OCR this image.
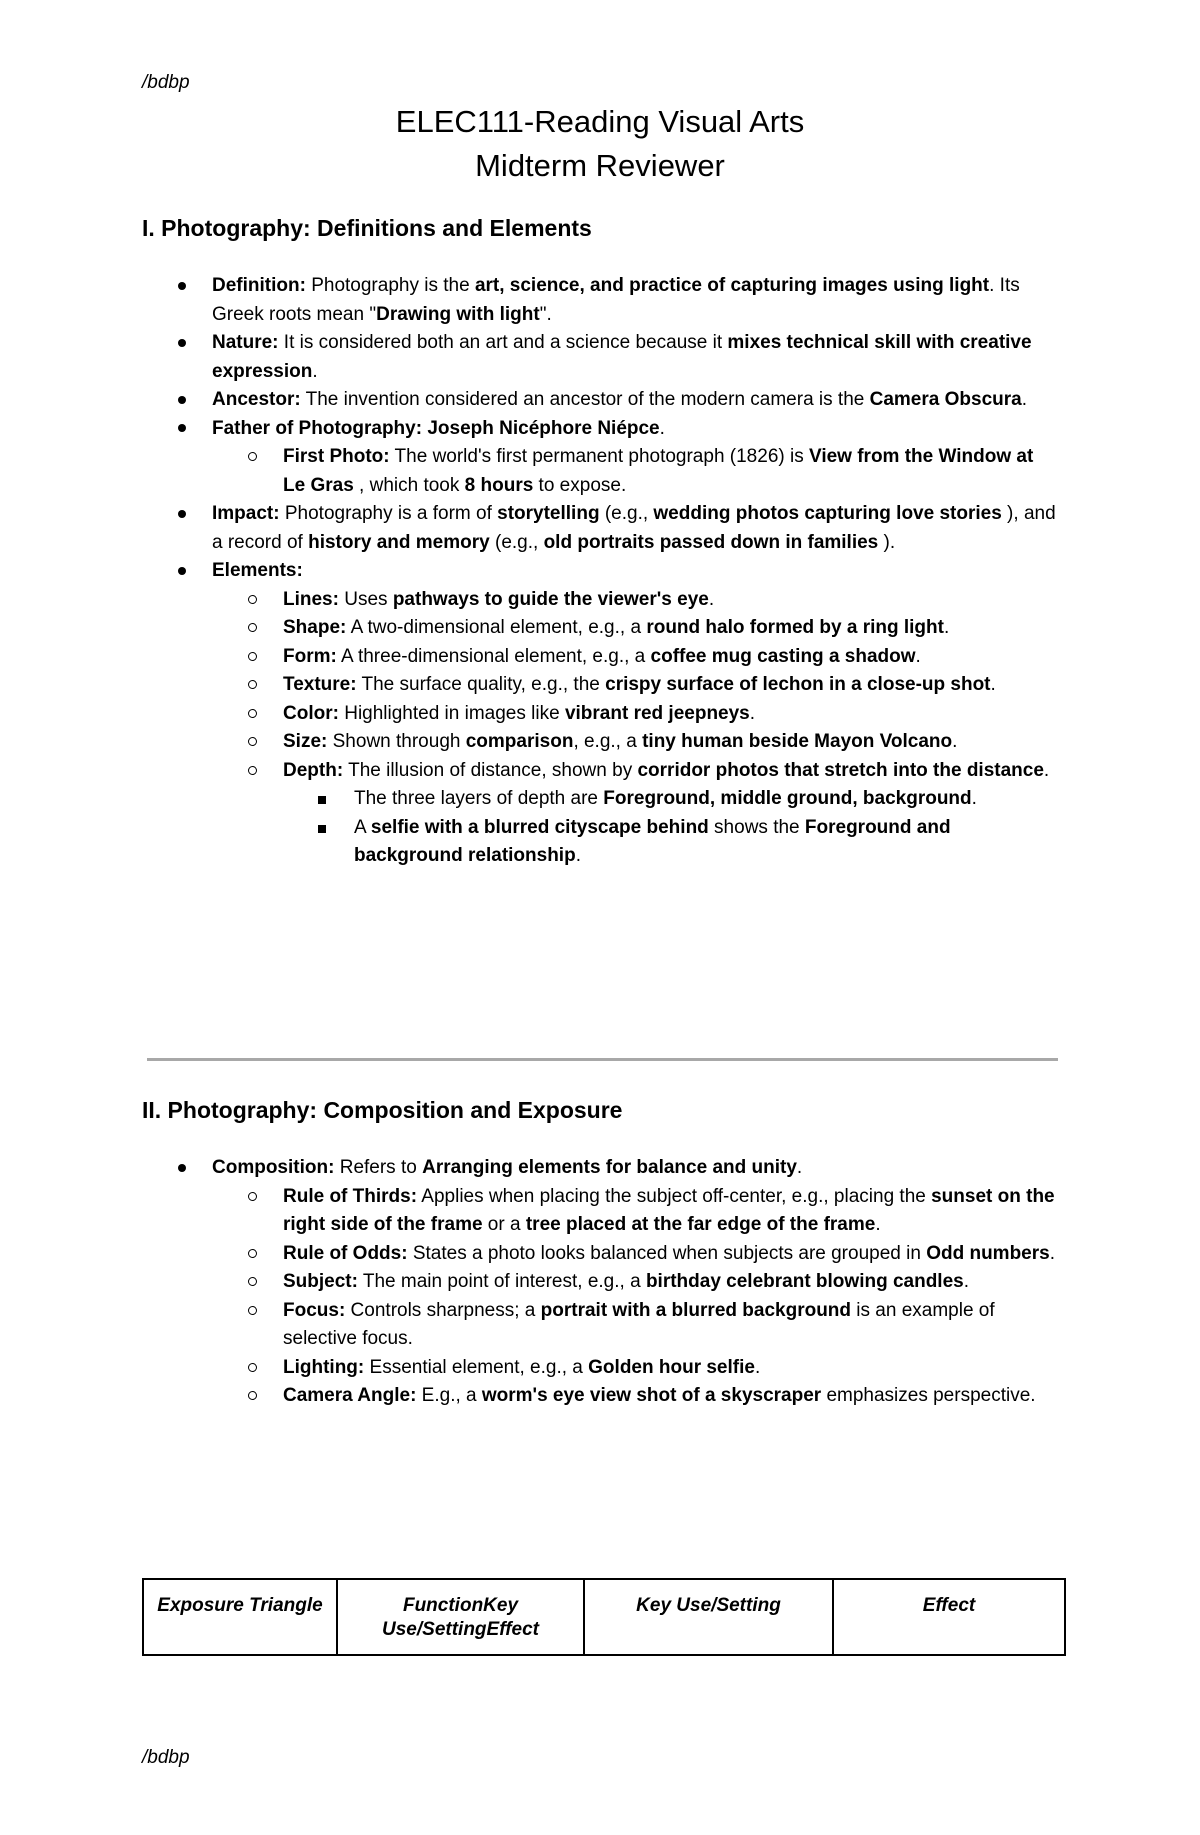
/bdbp
ELEC111-Reading Visual Arts
Midterm Reviewer
I. Photography: Definitions and Elements
Definition: Photography is the art, science, and practice of capturing images using light. Its Greek roots mean "Drawing with light".
Nature: It is considered both an art and a science because it mixes technical skill with creative expression.
Ancestor: The invention considered an ancestor of the modern camera is the Camera Obscura.
Father of Photography: Joseph Nicéphore Niépce.
First Photo: The world's first permanent photograph (1826) is View from the Window at Le Gras , which took 8 hours to expose.
Impact: Photography is a form of storytelling (e.g., wedding photos capturing love stories ), and a record of history and memory (e.g., old portraits passed down in families ).
Elements:
Lines: Uses pathways to guide the viewer's eye.
Shape: A two-dimensional element, e.g., a round halo formed by a ring light.
Form: A three-dimensional element, e.g., a coffee mug casting a shadow.
Texture: The surface quality, e.g., the crispy surface of lechon in a close-up shot.
Color: Highlighted in images like vibrant red jeepneys.
Size: Shown through comparison, e.g., a tiny human beside Mayon Volcano.
Depth: The illusion of distance, shown by corridor photos that stretch into the distance.
The three layers of depth are Foreground, middle ground, background.
A selfie with a blurred cityscape behind shows the Foreground and background relationship.
II. Photography: Composition and Exposure
Composition: Refers to Arranging elements for balance and unity.
Rule of Thirds: Applies when placing the subject off-center, e.g., placing the sunset on the right side of the frame or a tree placed at the far edge of the frame.
Rule of Odds: States a photo looks balanced when subjects are grouped in Odd numbers.
Subject: The main point of interest, e.g., a birthday celebrant blowing candles.
Focus: Controls sharpness; a portrait with a blurred background is an example of selective focus.
Lighting: Essential element, e.g., a Golden hour selfie.
Camera Angle: E.g., a worm's eye view shot of a skyscraper emphasizes perspective.
Exposure Triangle	FunctionKey Use/SettingEffect	Key Use/Setting	Effect
/bdbp
